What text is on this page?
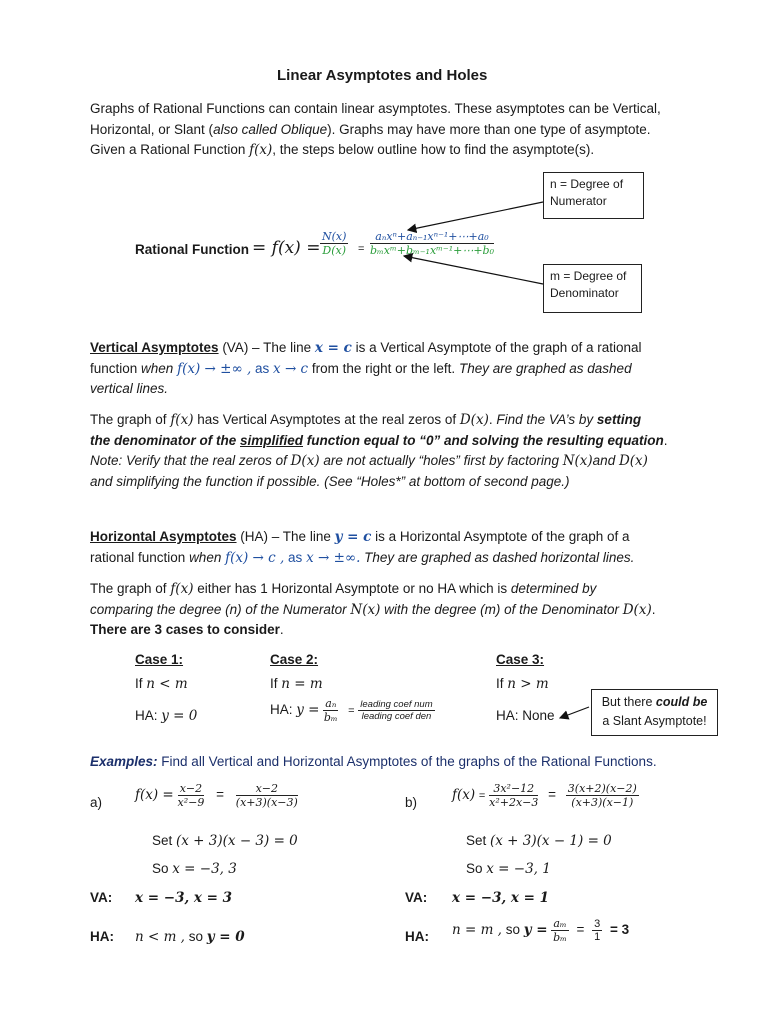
Linear Asymptotes and Holes
Graphs of Rational Functions can contain linear asymptotes. These asymptotes can be Vertical,
Horizontal, or Slant (also called Oblique). Graphs may have more than one type of asymptote.
Given a Rational Function f(x), the steps below outline how to find the asymptote(s).
Rational Function = $f(x) = \frac{N(x)}{D(x)} = \frac{\text{aₙxⁿ+aₙ₋₁xⁿ⁻¹+⋯+a₀}}{\text{bₘxᵐ+bₘ₋₁xᵐ⁻¹+⋯+b₀}}$
n = Degree of
Numerator
m = Degree of
Denominator
Vertical Asymptotes (VA) – The line x = c is a Vertical Asymptote of the graph of a rational
function when f(x) → ±∞ , as x → c from the right or the left. They are graphed as dashed
vertical lines.
The graph of f(x) has Vertical Asymptotes at the real zeros of D(x). Find the VA’s by setting
the denominator of the simplified function equal to “0” and solving the resulting equation.
Note: Verify that the real zeros of D(x) are not actually “holes” first by factoring N(x)and D(x)
and simplifying the function if possible. (See “Holes*” at bottom of second page.)
Horizontal Asymptotes (HA) – The line y = c is a Horizontal Asymptote of the graph of a
rational function when f(x) → c , as x → ±∞. They are graphed as dashed horizontal lines.
The graph of f(x) either has 1 Horizontal Asymptote or no HA which is determined by
comparing the degree (n) of the Numerator N(x) with the degree (m) of the Denominator D(x).
There are 3 cases to consider.
Case 1:
If n < m
HA: y = 0
Case 2:
If n = m
HA: $y = \frac{\text{aₙ}}{\text{bₘ}} = \frac{\text{leading coef num}}{\text{leading coef den}}$
Case 3:
If n > m
HA: None
But there could be
a Slant Asymptote!
Examples: Find all Vertical and Horizontal Asymptotes of the graphs of the Rational Functions.
a) $f(x) = \frac{x-2}{\text{x²−9}} = \frac{x-2}{(x+3)(x-3)}$
Set (x + 3)(x − 3) = 0
So x = −3, 3
VA: x = −3, x = 3
HA: n < m , so y = 0
b)	$f(x) = \frac{\text{3x²−12}}{\text{x²+2x−3}} = \frac{3(x+2)(x-2)}{(x+3)(x-1)}$
Set (x + 3)(x − 1) = 0
So x = −3, 1
VA: x = −3, x = 1
HA: n = m , so $y = \frac{\text{aₘ}}{\text{bₘ}} = \frac{3}{1} = 3$
